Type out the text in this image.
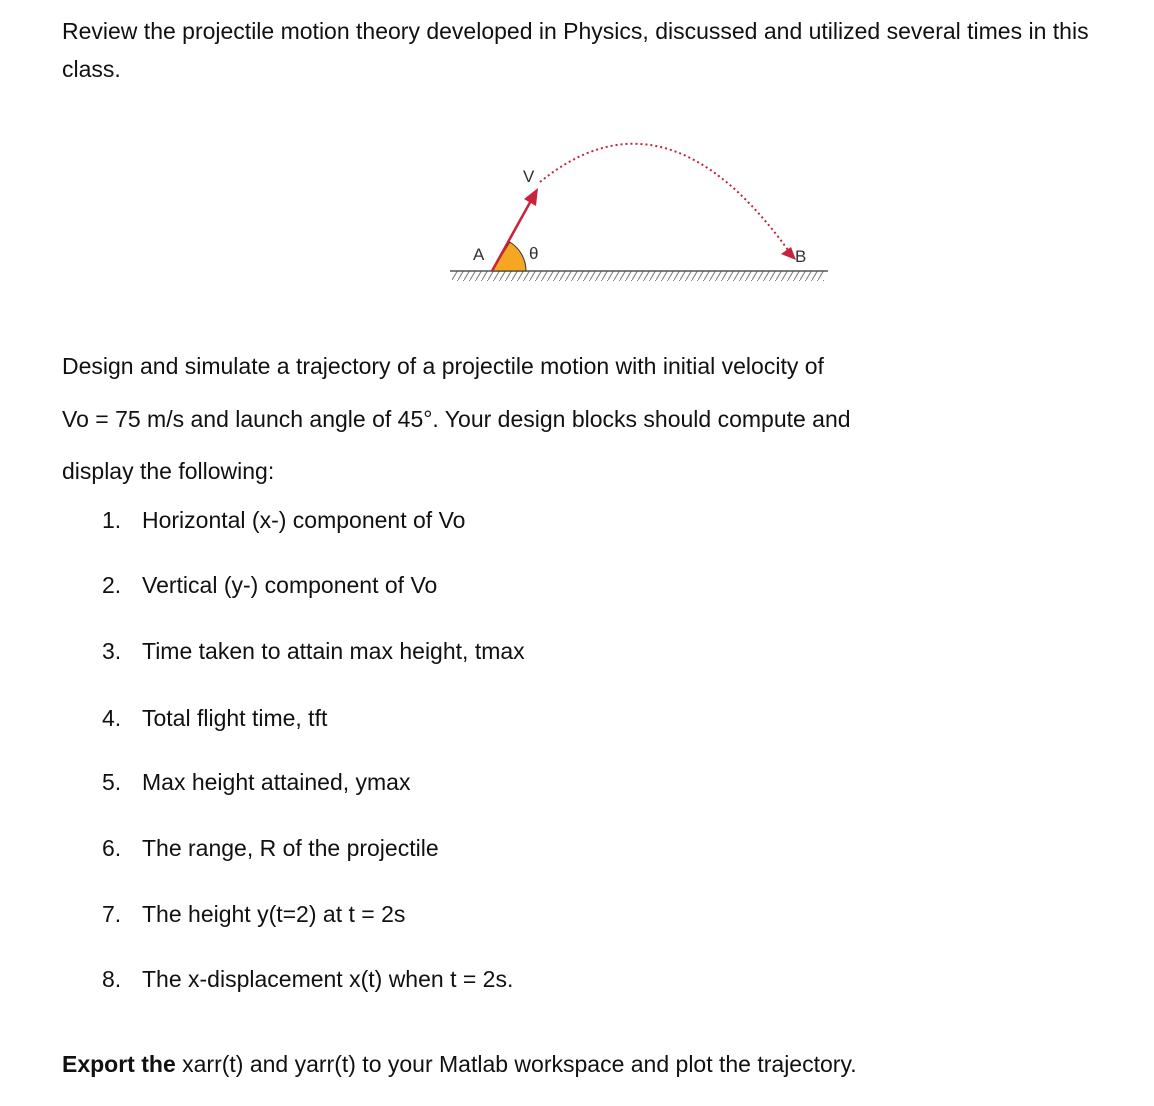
Review the projectile motion theory developed in Physics, discussed and utilized several times in this class.

V
A	θ	B

Design and simulate a trajectory of a projectile motion with initial velocity of
Vo = 75 m/s and launch angle of 45°. Your design blocks should compute and
display the following:

1. Horizontal (x-) component of Vo
2. Vertical (y-) component of Vo
3. Time taken to attain max height, tmax
4. Total flight time, tft
5. Max height attained, ymax
6. The range, R of the projectile
7. The height y(t=2) at t = 2s
8. The x-displacement x(t) when t = 2s.

Export the xarr(t) and yarr(t) to your Matlab workspace and plot the trajectory.
